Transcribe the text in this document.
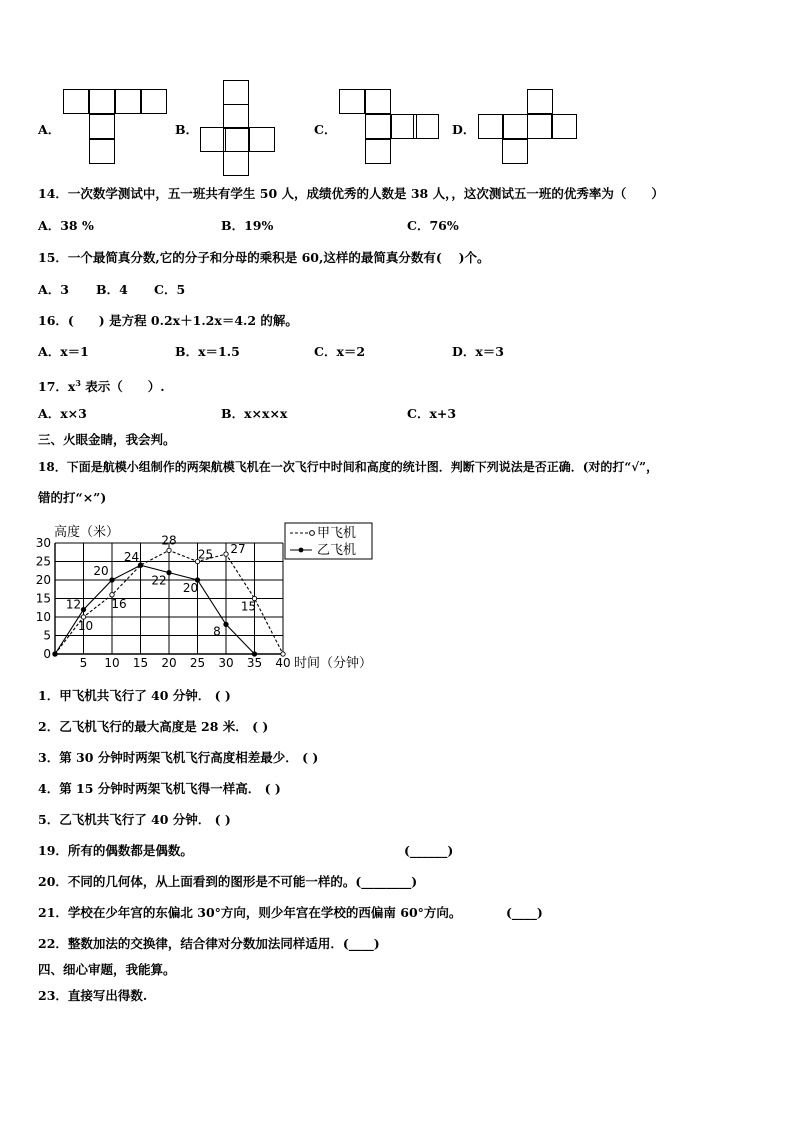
A．	B．	C．	D．
14．一次数学测试中，五一班共有学生 50 人，成绩优秀的人数是 38 人，，这次测试五一班的优秀率为（　　）
A．38 %	B．19%	C．76%
15．一个最简真分数,它的分子和分母的乘积是 60,这样的最简真分数有(　 )个。
A．3 B．4 C．5
16．(　　) 是方程 0.2x＋1.2x＝4.2 的解。
A．x＝1	B．x＝1.5	C．x＝2	D．x＝3
17．$x^3$ 表示（　　）.
A．x×3	B．x×x×x	C．x+3
三、火眼金睛，我会判。
18．下面是航模小组制作的两架航模飞机在一次飞行中时间和高度的统计图．判断下列说法是否正确．(对的打“√”，
错的打“×”)
高度（米）
时间（分钟）
5 10 15 20 25 30 35 40
0
5
10
15
20
25
30	28
25 27
24
20
22
20
12	16
10
15
8
甲飞机
乙飞机
1．甲飞机共飞行了 40 分钟． ( )
2．乙飞机飞行的最大高度是 28 米． ( )
3．第 30 分钟时两架飞机飞行高度相差最少． ( )
4．第 15 分钟时两架飞机飞得一样高． ( )
5．乙飞机共飞行了 40 分钟． ( )
19．所有的偶数都是偶数。	(______)
20．不同的几何体，从上面看到的图形是不可能一样的。(________)
21．学校在少年宫的东偏北 30°方向，则少年宫在学校的西偏南 60°方向。	(____)
22．整数加法的交换律，结合律对分数加法同样适用．(____)
四、细心审题，我能算。
23．直接写出得数.
